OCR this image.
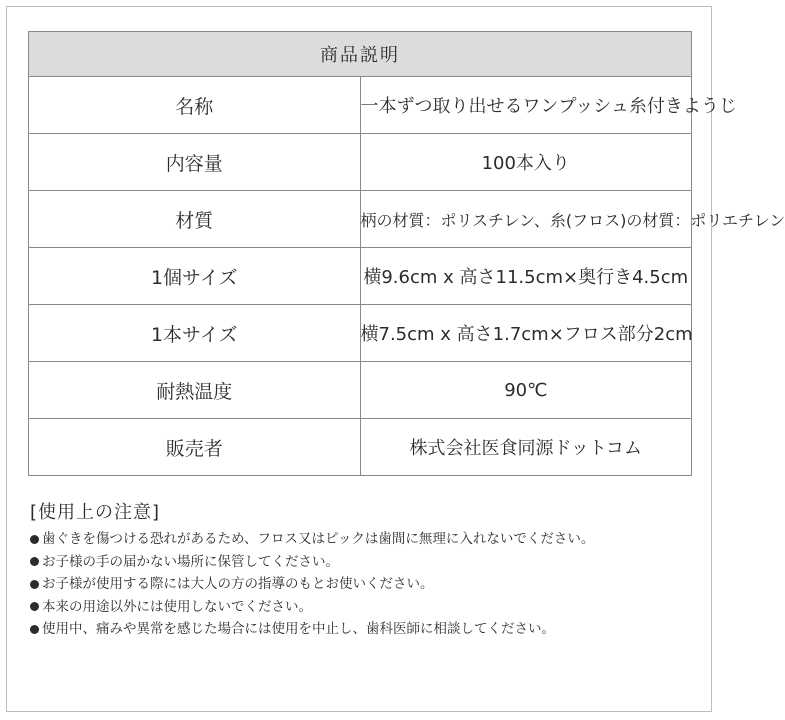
商品説明	
名称	一本ずつ取り出せるワンプッシュ糸付きようじ
内容量	100本入り
材質	柄の材質：ポリスチレン、糸(フロス)の材質：ポリエチレン
1個サイズ	横9.6cm x 高さ11.5cm×奥行き4.5cm
1本サイズ	横7.5cm x 高さ1.7cm×フロス部分2cm
耐熱温度	90℃
販売者	株式会社医食同源ドットコム
[使用上の注意]
歯ぐきを傷つける恐れがあるため、フロス又はピックは歯間に無理に入れないでください。
お子様の手の届かない場所に保管してください。
お子様が使用する際には大人の方の指導のもとお使いください。
本来の用途以外には使用しないでください。
使用中、痛みや異常を感じた場合には使用を中止し、歯科医師に相談してください。
